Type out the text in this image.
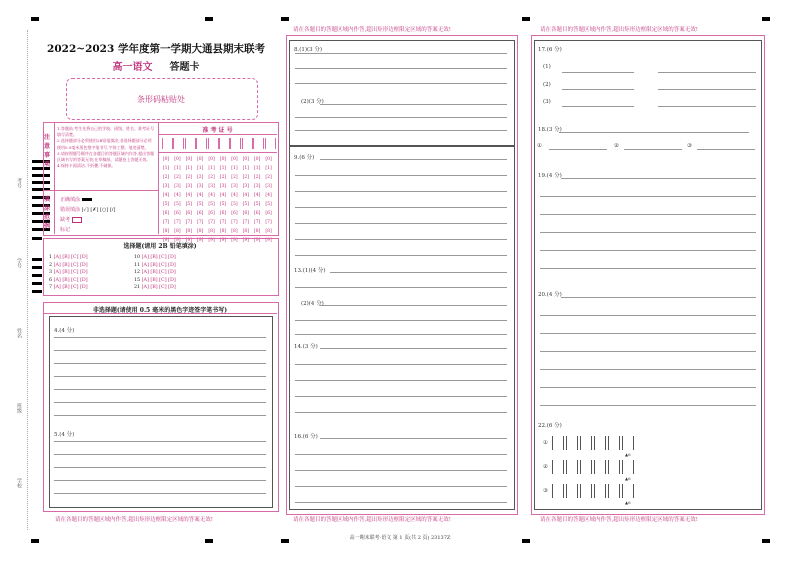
考号
学号
姓名
班级
学校
2022~2023 学年度第一学期大通县期末联考
高一语文 答题卡
条形码粘贴处
注意事项
1.答题前,考生先将自己的学校、班级、姓名、准考证号填写清楚。
2.选择题部分必须使用2B铅笔填涂;非选择题部分必须使用0.5毫米黑色签字笔书写,字体工整、笔迹清楚。
3.请按照题号顺序在各题目的答题区域内作答,超出答题区域书写的答案无效;在草稿纸、试题卷上答题无效。
4.保持卡面清洁,不折叠,不破损。
填涂范例
正确填涂
错误填涂 [✓] [✗] [○] [/]
缺考
标记
准 考 证 号
[0]
[1]
[2]
[3]
[4]
[5]
[6]
[7]
[8]
[9]
[0]
[1]
[2]
[3]
[4]
[5]
[6]
[7]
[8]
[9]
[0]
[1]
[2]
[3]
[4]
[5]
[6]
[7]
[8]
[9]
[0]
[1]
[2]
[3]
[4]
[5]
[6]
[7]
[8]
[9]
[0]
[1]
[2]
[3]
[4]
[5]
[6]
[7]
[8]
[9]
[0]
[1]
[2]
[3]
[4]
[5]
[6]
[7]
[8]
[9]
[0]
[1]
[2]
[3]
[4]
[5]
[6]
[7]
[8]
[9]
[0]
[1]
[2]
[3]
[4]
[5]
[6]
[7]
[8]
[9]
[0]
[1]
[2]
[3]
[4]
[5]
[6]
[7]
[8]
[9]
[0]
[1]
[2]
[3]
[4]
[5]
[6]
[7]
[8]
[9]
选择题(请用 2B 铅笔填涂)
1 [A] [B] [C] [D]
2 [A] [B] [C] [D]
3 [A] [B] [C] [D]
6 [A] [B] [C] [D]
7 [A] [B] [C] [D]
10 [A] [B] [C] [D]
11 [A] [B] [C] [D]
12 [A] [B] [C] [D]
15 [A] [B] [C] [D]
21 [A] [B] [C] [D]
非选择题(请使用 0.5 毫米的黑色字迹签字笔书写)
4.(4 分)
5.(4 分)
请在各题目的答题区域内作答,超出矩形边框限定区域的答案无效!
请在各题目的答题区域内作答,超出矩形边框限定区域的答案无效!
8.(1)(3 分)
(2)(3 分)
9.(6 分)
13.(1)(4 分)
(2)(4 分)
14.(3 分)
16.(6 分)
请在各题目的答题区域内作答,超出矩形边框限定区域的答案无效!
请在各题目的答题区域内作答,超出矩形边框限定区域的答案无效!
17.(6 分)
(1)
(2)
(3)
18.(3 分)
①	②	③
19.(4 分)
20.(4 分)
22.(6 分)
①
②
③
▲6
▲6
▲6
请在各题目的答题区域内作答,超出矩形边框限定区域的答案无效!
高一期末联考·语文 第 1 页(共 2 页) 23137Z
